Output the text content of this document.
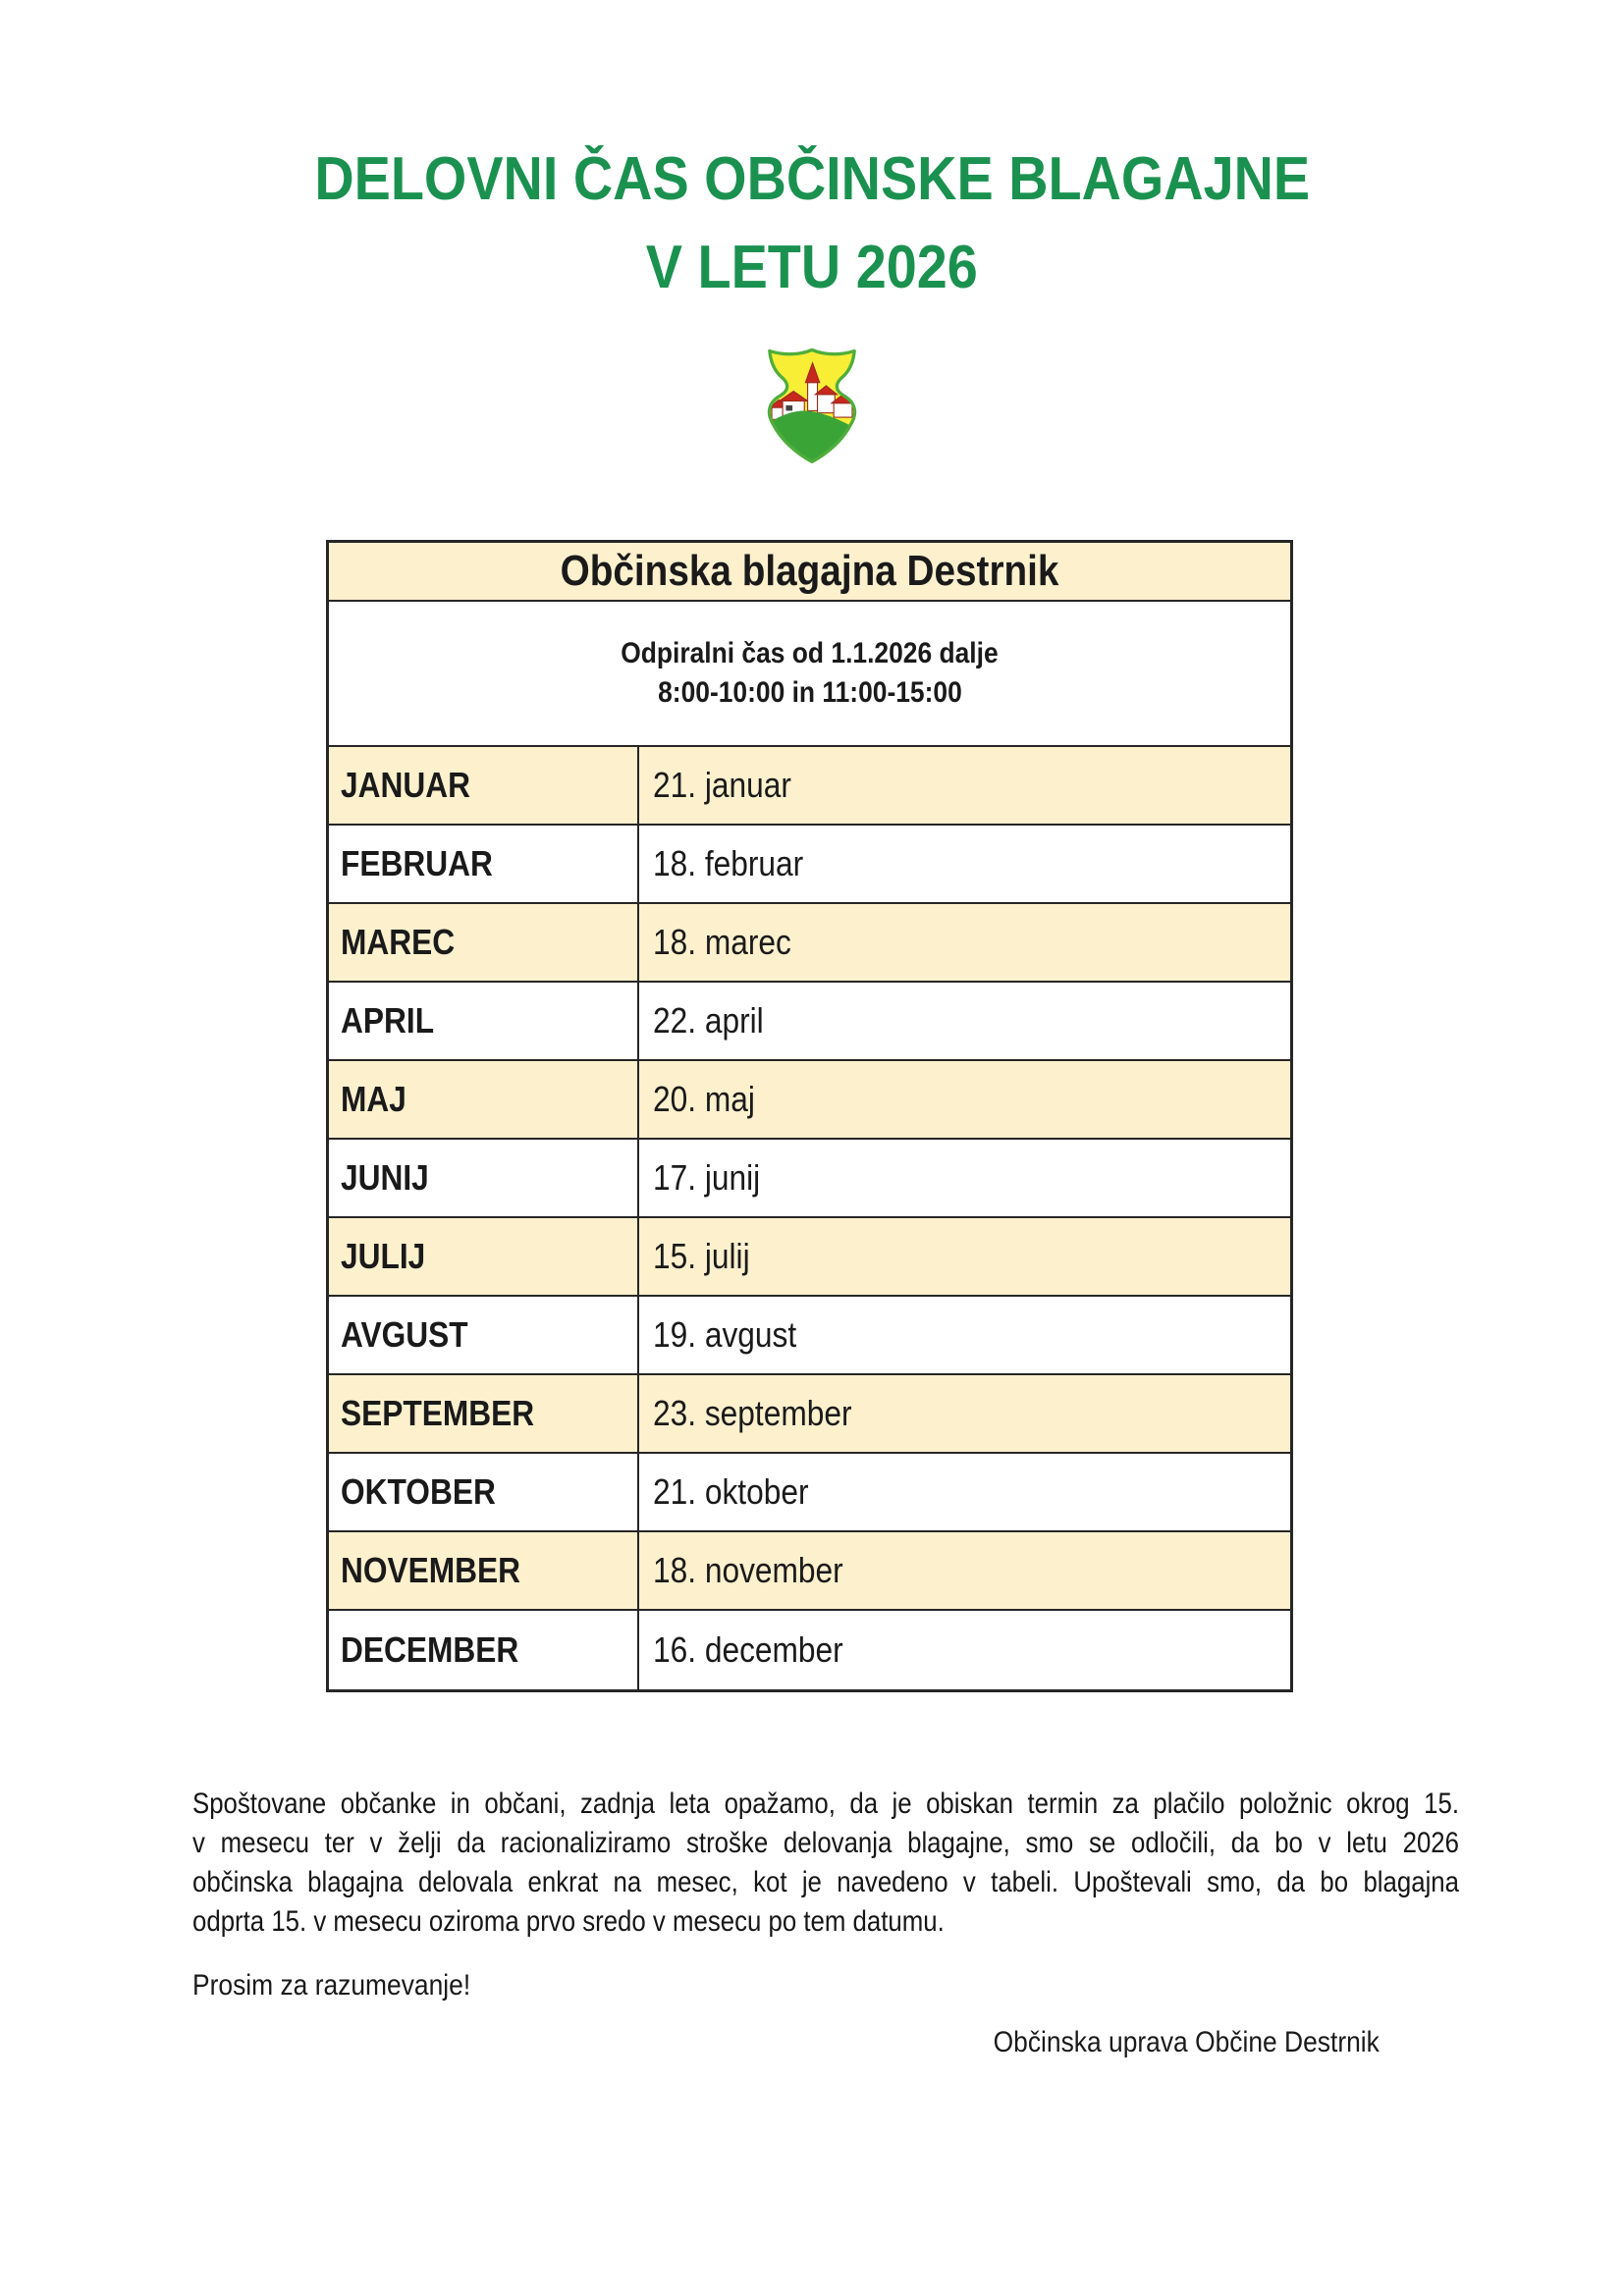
DELOVNI ČAS OBČINSKE BLAGAJNE
V LETU 2026
Občinska blagajna Destrnik
Odpiralni čas od 1.1.2026 dalje
8:00-10:00 in 11:00-15:00
JANUAR	21. januar
FEBRUAR	18. februar
MAREC	18. marec
APRIL	22. april
MAJ	20. maj
JUNIJ	17. junij
JULIJ	15. julij
AVGUST	19. avgust
SEPTEMBER	23. september
OKTOBER	21. oktober
NOVEMBER	18. november
DECEMBER	16. december
Spoštovane občanke in občani, zadnja leta opažamo, da je obiskan termin za plačilo položnic okrog 15.
v mesecu ter v želji da racionaliziramo stroške delovanja blagajne, smo se odločili, da bo v letu 2026
občinska blagajna delovala enkrat na mesec, kot je navedeno v tabeli. Upoštevali smo, da bo blagajna
odprta 15. v mesecu oziroma prvo sredo v mesecu po tem datumu.
Prosim za razumevanje!
Občinska uprava Občine Destrnik
